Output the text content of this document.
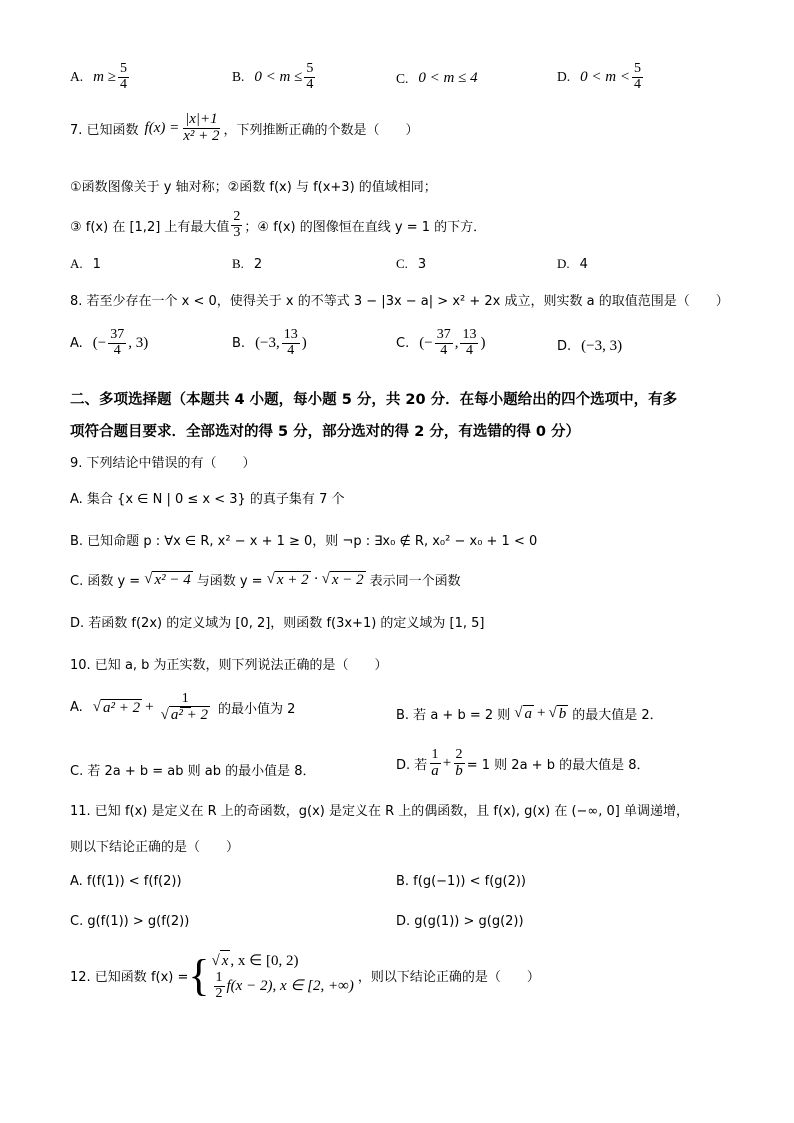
A. $m \ge \frac{5}{4}$	B. $0 < m \le \frac{5}{4}$	C. 0 < m ≤ 4	D. $0 < m < \frac{5}{4}$
7. 已知函数 $f(x) = \frac{|x|+1}{\text{x² + 2}}$ ，下列推断正确的个数是（　　）
①函数图像关于 y 轴对称；②函数 f(x) 与 f(x+3) 的值域相同；
③ f(x) 在 [1,2] 上有最大值 $\frac{2}{3}$ ；④ f(x) 的图像恒在直线 y = 1 的下方．
A. 1	B. 2	C. 3	D. 4
8. 若至少存在一个 x < 0，使得关于 x 的不等式 3 − |3x − a| > x² + 2x 成立，则实数 a 的取值范围是（　　）
A. (− $\frac{37}{4}$ , 3)	B. (−3, $\frac{13}{4}$ )	C. (− $\frac{37}{4}$ , $\frac{13}{4}$ )	D. (−3, 3)
二、多项选择题（本题共 4 小题，每小题 5 分，共 20 分．在每小题给出的四个选项中，有多
项符合题目要求．全部选对的得 5 分，部分选对的得 2 分，有选错的得 0 分）
9. 下列结论中错误的有（　　）
A. 集合 {x ∈ N | 0 ≤ x < 3} 的真子集有 7 个
B. 已知命题 p : ∀x ∈ R, x² − x + 1 ≥ 0，则 ¬p : ∃x₀ ∉ R, x₀² − x₀ + 1 < 0
C. 函数 y = √ x² − 4 与函数 y = √ x + 2 · √ x − 2 表示同一个函数
D. 若函数 f(2x) 的定义域为 [0, 2]，则函数 f(3x+1) 的定义域为 [1, 5]
10. 已知 a, b 为正实数，则下列说法正确的是（　　）
A. √ $a^2 + 2 + \frac{1}{\text{√ a² + 2}}$ 的最小值为 2	B. 若 a + b = 2 则 √ a + √ b 的最大值是 2．
C. 若 2a + b = ab 则 ab 的最小值是 8．	D. 若 $\frac{1}{a} + \frac{2}{b} = 1$ 则 2a + b 的最大值是 8．
11. 已知 f(x) 是定义在 R 上的奇函数，g(x) 是定义在 R 上的偶函数，且 f(x), g(x) 在 (−∞, 0] 单调递增，
则以下结论正确的是（　　）
A. f(f(1)) < f(f(2))	B. f(g(−1)) < f(g(2))
C. g(f(1)) > g(f(2))	D. g(g(1)) > g(g(2))
12. 已知函数 f(x) = { √ x , x ∈ [0, 2)
$\frac{1}{2} f(x - 2)$, x ∈ [2, +∞)
，则以下结论正确的是（　　）
